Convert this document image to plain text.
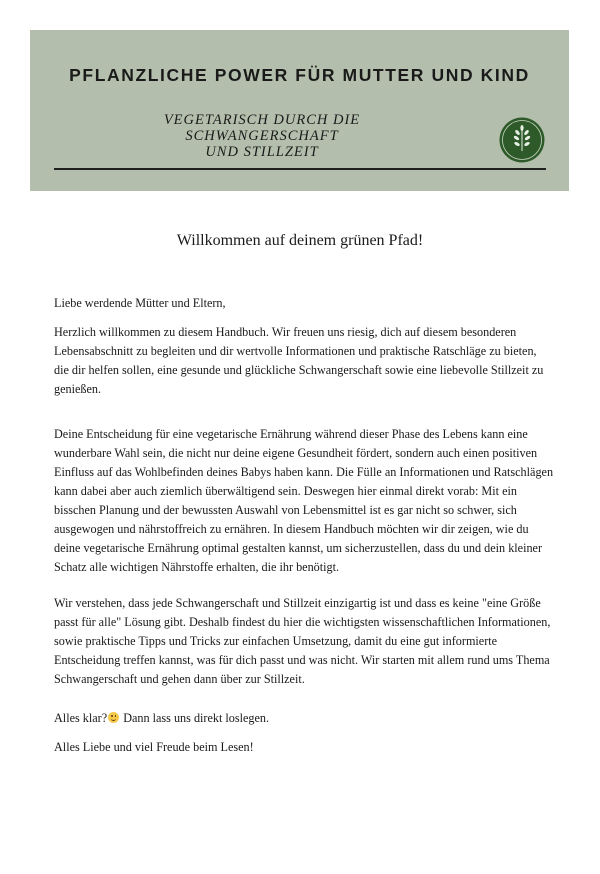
PFLANZLICHE POWER FÜR MUTTER UND KIND
VEGETARISCH DURCH DIE SCHWANGERSCHAFT
UND STILLZEIT
Willkommen auf deinem grünen Pfad!

Liebe werdende Mütter und Eltern,

Herzlich willkommen zu diesem Handbuch. Wir freuen uns riesig, dich auf diesem besonderen Lebensabschnitt zu begleiten und dir wertvolle Informationen und praktische Ratschläge zu bieten, die dir helfen sollen, eine gesunde und glückliche Schwangerschaft sowie eine liebevolle Stillzeit zu genießen.

Deine Entscheidung für eine vegetarische Ernährung während dieser Phase des Lebens kann eine wunderbare Wahl sein, die nicht nur deine eigene Gesundheit fördert, sondern auch einen positiven Einfluss auf das Wohlbefinden deines Babys haben kann. Die Fülle an Informationen und Ratschlägen kann dabei aber auch ziemlich überwältigend sein. Deswegen hier einmal direkt vorab: Mit ein bisschen Planung und der bewussten Auswahl von Lebensmittel ist es gar nicht so schwer, sich ausgewogen und nährstoffreich zu ernähren. In diesem Handbuch möchten wir dir zeigen, wie du deine vegetarische Ernährung optimal gestalten kannst, um sicherzustellen, dass du und dein kleiner Schatz alle wichtigen Nährstoffe erhalten, die ihr benötigt.

Wir verstehen, dass jede Schwangerschaft und Stillzeit einzigartig ist und dass es keine "eine Größe passt für alle" Lösung gibt. Deshalb findest du hier die wichtigsten wissenschaftlichen Informationen, sowie praktische Tipps und Tricks zur einfachen Umsetzung, damit du eine gut informierte Entscheidung treffen kannst, was für dich passt und was nicht. Wir starten mit allem rund ums Thema Schwangerschaft und gehen dann über zur Stillzeit.

Alles klar?
Dann lass uns direkt loslegen.

Alles Liebe und viel Freude beim Lesen!
